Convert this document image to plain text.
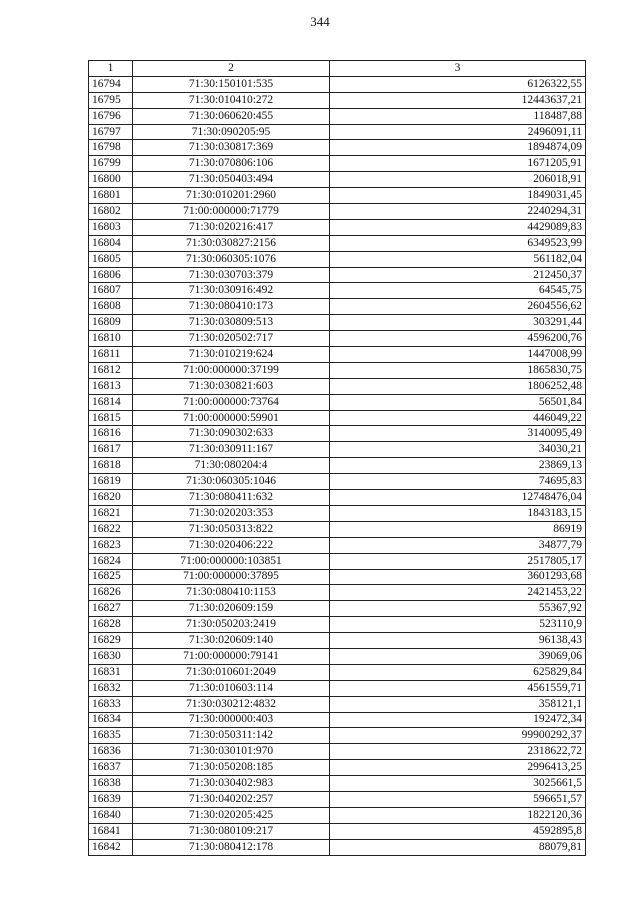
344
1	2	3
16794	71:30:150101:535	6126322,55
16795	71:30:010410:272	12443637,21
16796	71:30:060620:455	118487,88
16797	71:30:090205:95	2496091,11
16798	71:30:030817:369	1894874,09
16799	71:30:070806:106	1671205,91
16800	71:30:050403:494	206018,91
16801	71:30:010201:2960	1849031,45
16802	71:00:000000:71779	2240294,31
16803	71:30:020216:417	4429089,83
16804	71:30:030827:2156	6349523,99
16805	71:30:060305:1076	561182,04
16806	71:30:030703:379	212450,37
16807	71:30:030916:492	64545,75
16808	71:30:080410:173	2604556,62
16809	71:30:030809:513	303291,44
16810	71:30:020502:717	4596200,76
16811	71:30:010219:624	1447008,99
16812	71:00:000000:37199	1865830,75
16813	71:30:030821:603	1806252,48
16814	71:00:000000:73764	56501,84
16815	71:00:000000:59901	446049,22
16816	71:30:090302:633	3140095,49
16817	71:30:030911:167	34030,21
16818	71:30:080204:4	23869,13
16819	71:30:060305:1046	74695,83
16820	71:30:080411:632	12748476,04
16821	71:30:020203:353	1843183,15
16822	71:30:050313:822	86919
16823	71:30:020406:222	34877,79
16824	71:00:000000:103851	2517805,17
16825	71:00:000000:37895	3601293,68
16826	71:30:080410:1153	2421453,22
16827	71:30:020609:159	55367,92
16828	71:30:050203:2419	523110,9
16829	71:30:020609:140	96138,43
16830	71:00:000000:79141	39069,06
16831	71:30:010601:2049	625829,84
16832	71:30:010603:114	4561559,71
16833	71:30:030212:4832	358121,1
16834	71:30:000000:403	192472,34
16835	71:30:050311:142	99900292,37
16836	71:30:030101:970	2318622,72
16837	71:30:050208:185	2996413,25
16838	71:30:030402:983	3025661,5
16839	71:30:040202:257	596651,57
16840	71:30:020205:425	1822120,36
16841	71:30:080109:217	4592895,8
16842	71:30:080412:178	88079,81
